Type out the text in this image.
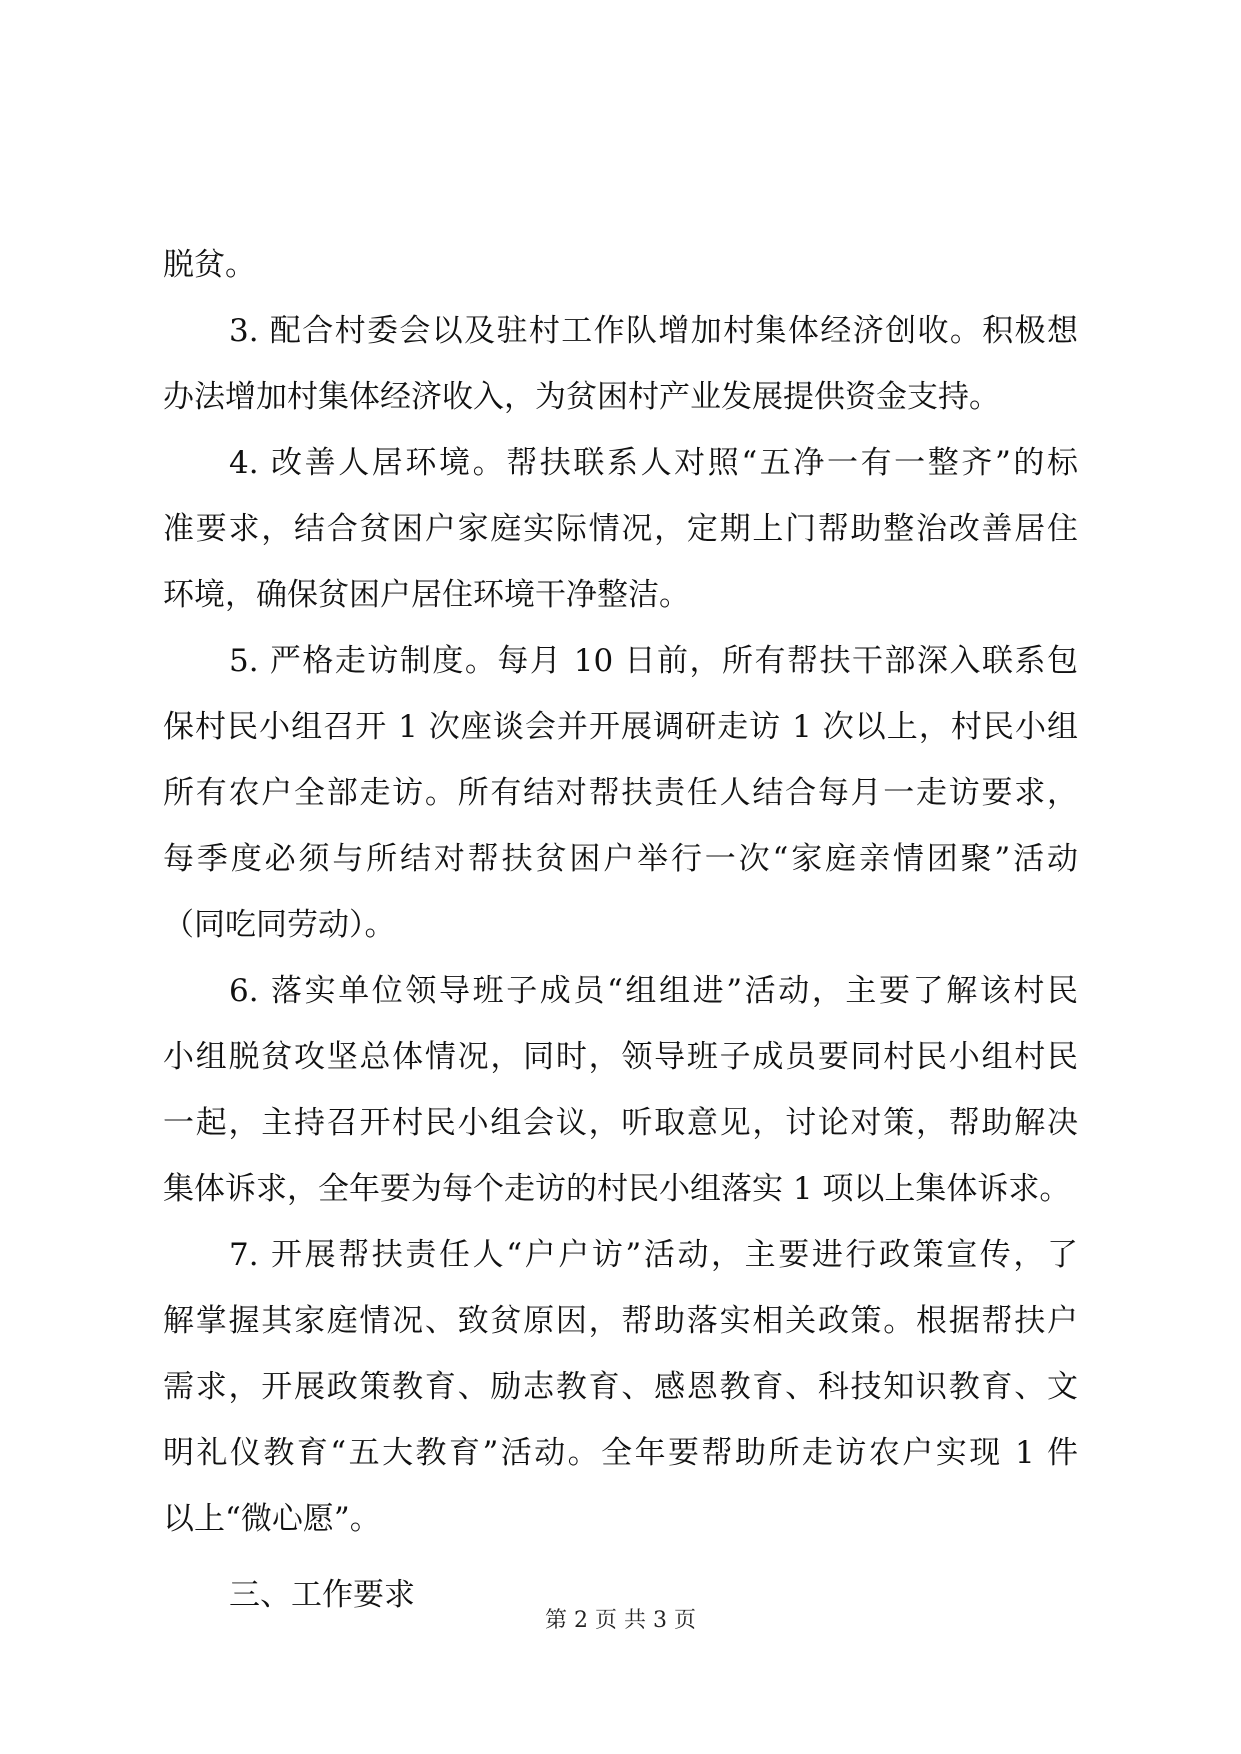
脱贫。
3. 配合村委会以及驻村工作队增加村集体经济创收。积极想
办法增加村集体经济收入，为贫困村产业发展提供资金支持。
4. 改善人居环境。帮扶联系人对照“五净一有一整齐”的标
准要求，结合贫困户家庭实际情况，定期上门帮助整治改善居住
环境，确保贫困户居住环境干净整洁。
5. 严格走访制度。每月 10 日前，所有帮扶干部深入联系包
保村民小组召开 1 次座谈会并开展调研走访 1 次以上，村民小组
所有农户全部走访。所有结对帮扶责任人结合每月一走访要求，
每季度必须与所结对帮扶贫困户举行一次“家庭亲情团聚”活动
（同吃同劳动）。
6. 落实单位领导班子成员“组组进”活动，主要了解该村民
小组脱贫攻坚总体情况，同时，领导班子成员要同村民小组村民
一起，主持召开村民小组会议，听取意见，讨论对策，帮助解决
集体诉求，全年要为每个走访的村民小组落实 1 项以上集体诉求。
7. 开展帮扶责任人“户户访”活动，主要进行政策宣传，了
解掌握其家庭情况、致贫原因，帮助落实相关政策。根据帮扶户
需求，开展政策教育、励志教育、感恩教育、科技知识教育、文
明礼仪教育“五大教育”活动。全年要帮助所走访农户实现 1 件
以上“微心愿”。
三、工作要求
第 2 页 共 3 页
